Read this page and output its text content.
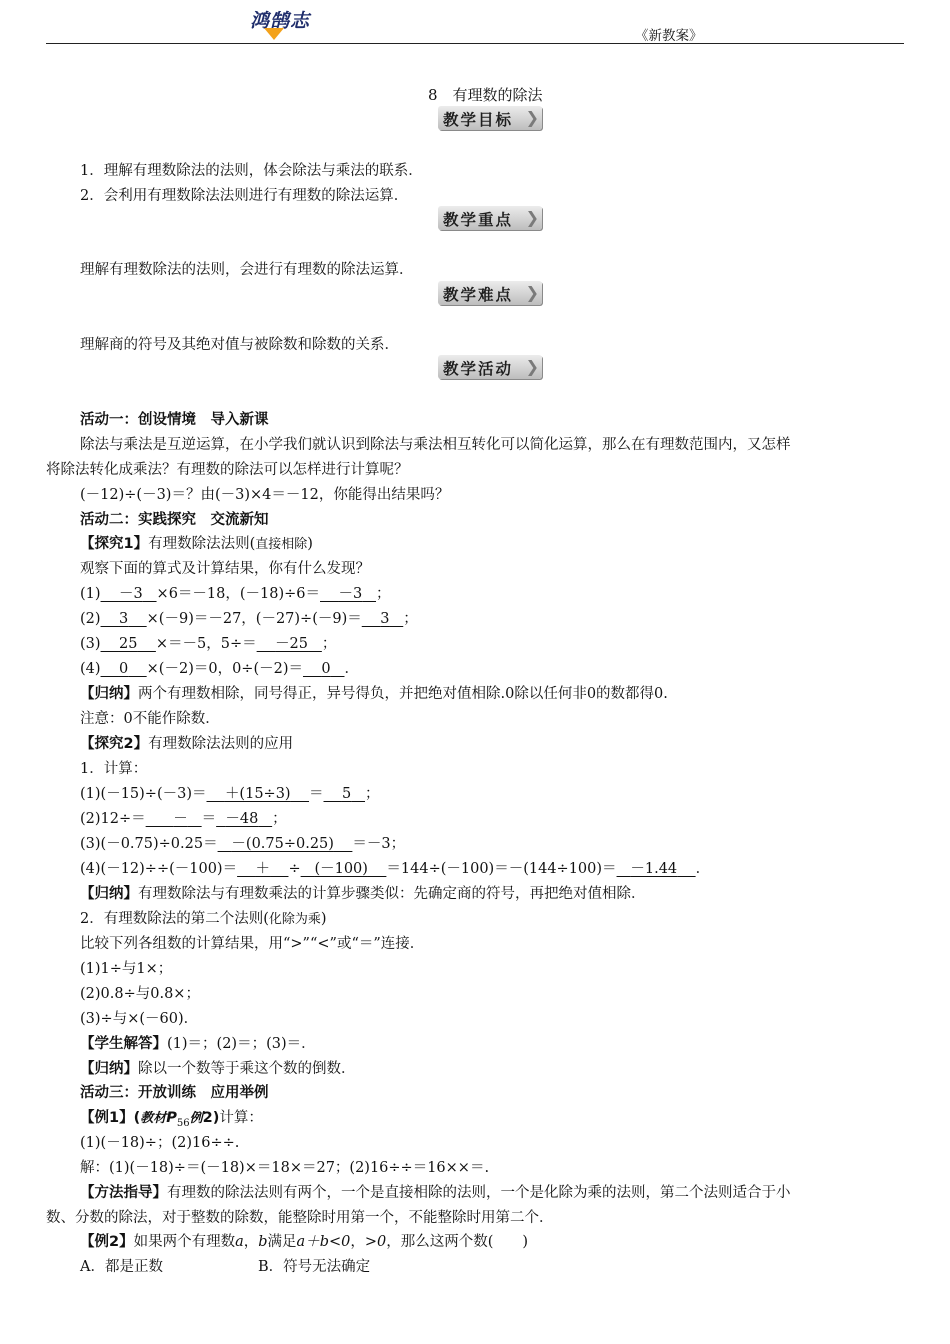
鸿鹄志
《新教案》
8　有理数的除法
教学目标 ❯
1．理解有理数除法的法则，体会除法与乘法的联系．
2．会利用有理数除法法则进行有理数的除法运算．
教学重点 ❯
理解有理数除法的法则，会进行有理数的除法运算．
教学难点 ❯
理解商的符号及其绝对值与被除数和除数的关系．
教学活动 ❯
活动一：创设情境　导入新课
除法与乘法是互逆运算，在小学我们就认识到除法与乘法相互转化可以简化运算，那么在有理数范围内，又怎样
将除法转化成乘法？有理数的除法可以怎样进行计算呢？
(－12)÷(－3)＝？由(－3)×4＝－12，你能得出结果吗？
活动二：实践探究　交流新知
【探究1】有理数除法法则(直接相除)
观察下面的算式及计算结果，你有什么发现？
(1) －3 ×6＝－18，(－18)÷6＝ －3 ；
(2) 3 ×(－9)＝－27，(－27)÷(－9)＝ 3 ；
(3) 25 ×＝－5，5÷＝ －25 ；
(4) 0 ×(－2)＝0，0÷(－2)＝ 0 ．
【归纳】两个有理数相除，同号得正，异号得负，并把绝对值相除.0除以任何非0的数都得0.
注意：0不能作除数．
【探究2】有理数除法法则的应用
1．计算：
(1)(－15)÷(－3)＝ ＋(15÷3) ＝ 5 ；
(2)12÷＝ － ＝ －48 ；
(3)(－0.75)÷0.25＝ －(0.75÷0.25) ＝－3；
(4)(－12)÷÷(－100)＝ ＋ ÷ (－100) ＝144÷(－100)＝－(144÷100)＝ －1.44 ．
【归纳】有理数除法与有理数乘法的计算步骤类似：先确定商的符号，再把绝对值相除．
2．有理数除法的第二个法则(化除为乘)
比较下列各组数的计算结果，用“>”“<”或“＝”连接．
(1)1÷与1×；
(2)0.8÷与0.8×；
(3)÷与×(－60)．
【学生解答】(1)＝；(2)＝；(3)＝．
【归纳】除以一个数等于乘这个数的倒数．
活动三：开放训练　应用举例
【例1】(教材$P_{56}$例2)计算：
(1)(－18)÷；(2)16÷÷.
解：(1)(－18)÷＝(－18)×＝18×＝27；(2)16÷÷＝16××＝.
【方法指导】有理数的除法法则有两个，一个是直接相除的法则，一个是化除为乘的法则，第二个法则适合于小
数、分数的除法，对于整数的除数，能整除时用第一个，不能整除时用第二个．
【例2】如果两个有理数a，b满足a＋b<0，>0，那么这两个数(　　)
A．都是正数	B．符号无法确定
